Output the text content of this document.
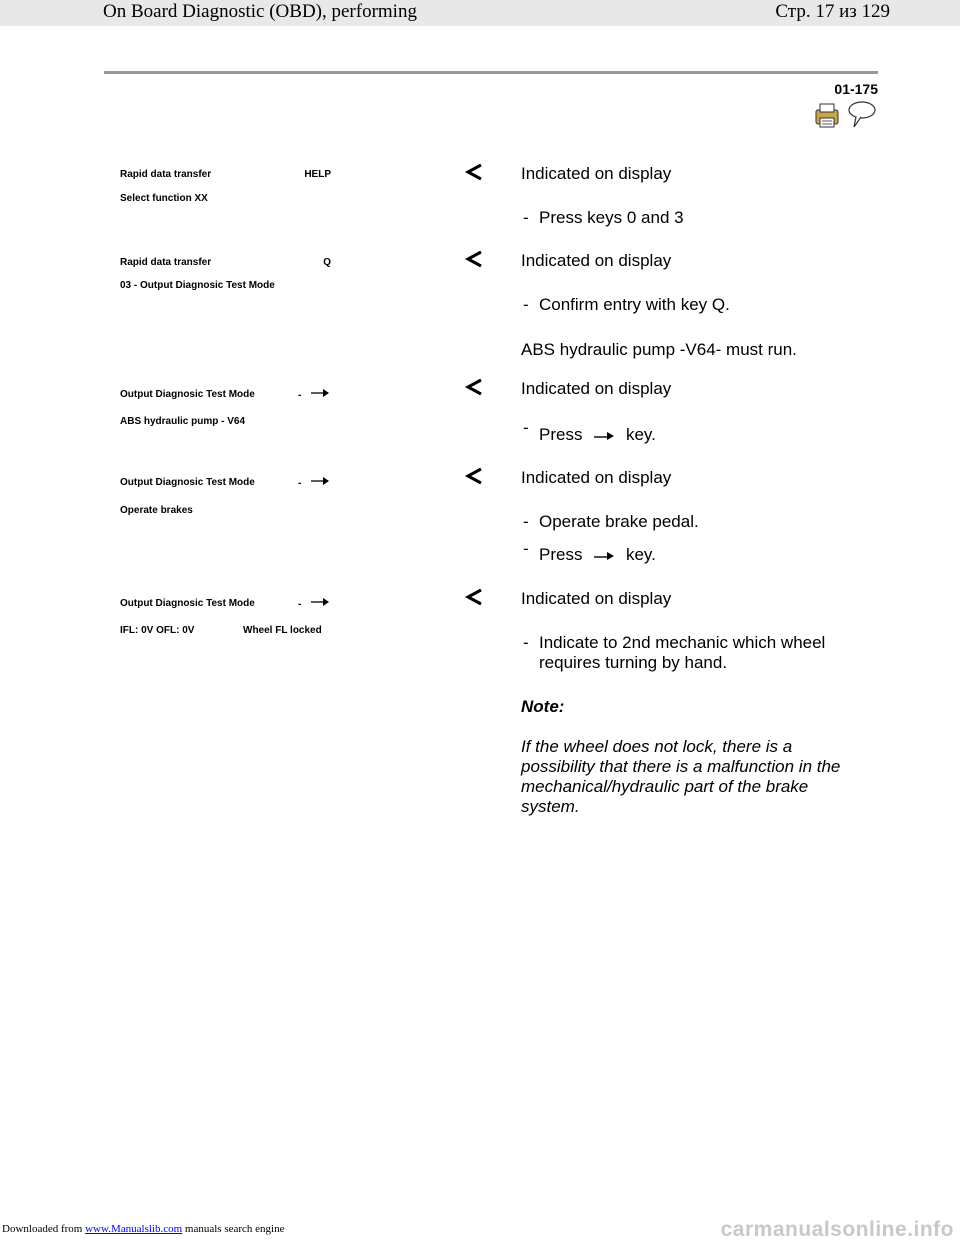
On Board Diagnostic (OBD), performing	Стр. 17 из 129
01-175
Rapid data transfer	HELP
Select function XX
Indicated on display
- Press keys 0 and 3
Rapid data transfer	Q
03 - Output Diagnosic Test Mode
Indicated on display
- Confirm entry with key Q.
ABS hydraulic pump -V64- must run.
Output Diagnosic Test Mode	-
ABS hydraulic pump - V64
Indicated on display
- Press	key.
Output Diagnosic Test Mode	-
Operate brakes
Indicated on display
- Operate brake pedal.
- Press	key.
Output Diagnosic Test Mode	-
IFL: 0V OFL: 0V	Wheel FL locked
Indicated on display
- Indicate to 2nd mechanic which wheel
requires turning by hand.
Note:
If the wheel does not lock, there is a
possibility that there is a malfunction in the
mechanical/hydraulic part of the brake
system.
Downloaded from www.Manualslib.com manuals search engine	carmanualsonline.info
